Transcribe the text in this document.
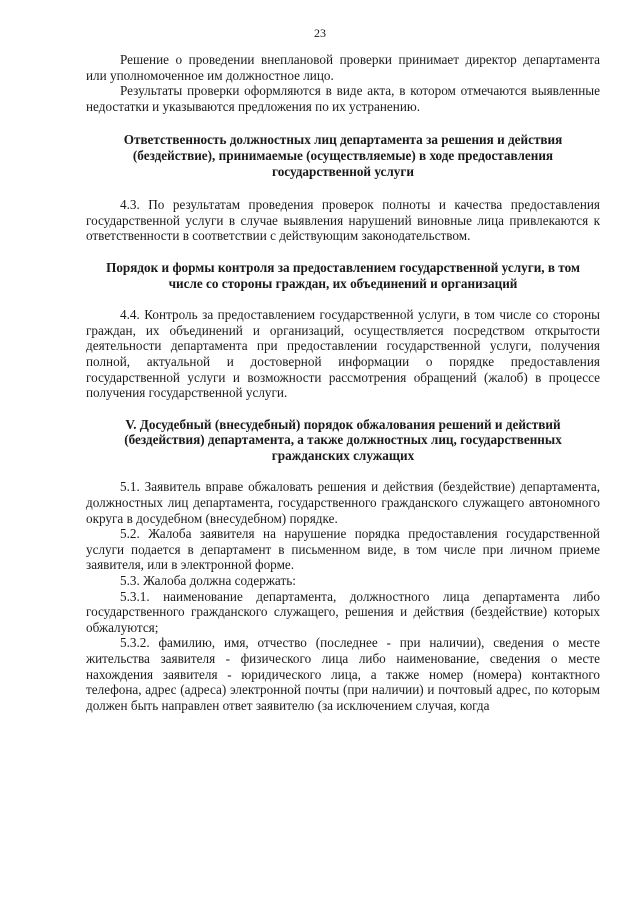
23

Решение о проведении внеплановой проверки принимает директор департамента или уполномоченное им должностное лицо.

Результаты проверки оформляются в виде акта, в котором отмечаются выявленные недостатки и указываются предложения по их устранению.

Ответственность должностных лиц департамента за решения и действия (бездействие), принимаемые (осуществляемые) в ходе предоставления государственной услуги

4.3. По результатам проведения проверок полноты и качества предоставления государственной услуги в случае выявления нарушений виновные лица привлекаются к ответственности в соответствии с действующим законодательством.

Порядок и формы контроля за предоставлением государственной услуги, в том числе со стороны граждан, их объединений и организаций

4.4. Контроль за предоставлением государственной услуги, в том числе со стороны граждан, их объединений и организаций, осуществляется посредством открытости деятельности департамента при предоставлении государственной услуги, получения полной, актуальной и достоверной информации о порядке предоставления государственной услуги и возможности рассмотрения обращений (жалоб) в процессе получения государственной услуги.

V. Досудебный (внесудебный) порядок обжалования решений и действий (бездействия) департамента, а также должностных лиц, государственных гражданских служащих

5.1. Заявитель вправе обжаловать решения и действия (бездействие) департамента, должностных лиц департамента, государственного гражданского служащего автономного округа в досудебном (внесудебном) порядке.

5.2. Жалоба заявителя на нарушение порядка предоставления государственной услуги подается в департамент в письменном виде, в том числе при личном приеме заявителя, или в электронной форме.

5.3. Жалоба должна содержать:

5.3.1. наименование департамента, должностного лица департамента либо государственного гражданского служащего, решения и действия (бездействие) которых обжалуются;

5.3.2. фамилию, имя, отчество (последнее - при наличии), сведения о месте жительства заявителя - физического лица либо наименование, сведения о месте нахождения заявителя - юридического лица, а также номер (номера) контактного телефона, адрес (адреса) электронной почты (при наличии) и почтовый адрес, по которым должен быть направлен ответ заявителю (за исключением случая, когда
